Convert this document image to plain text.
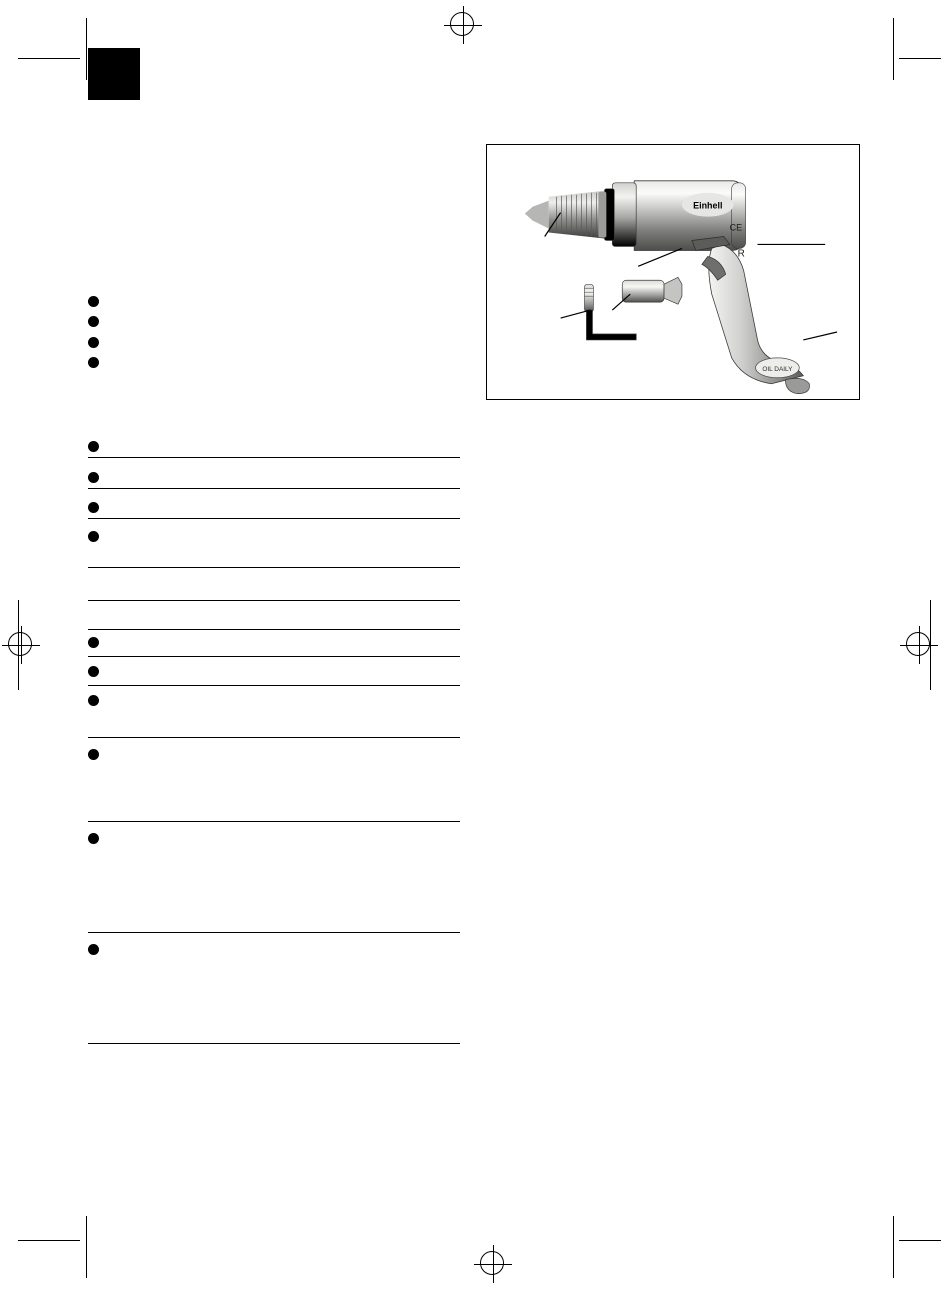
OIL DAILY
R
Einhell
CE
